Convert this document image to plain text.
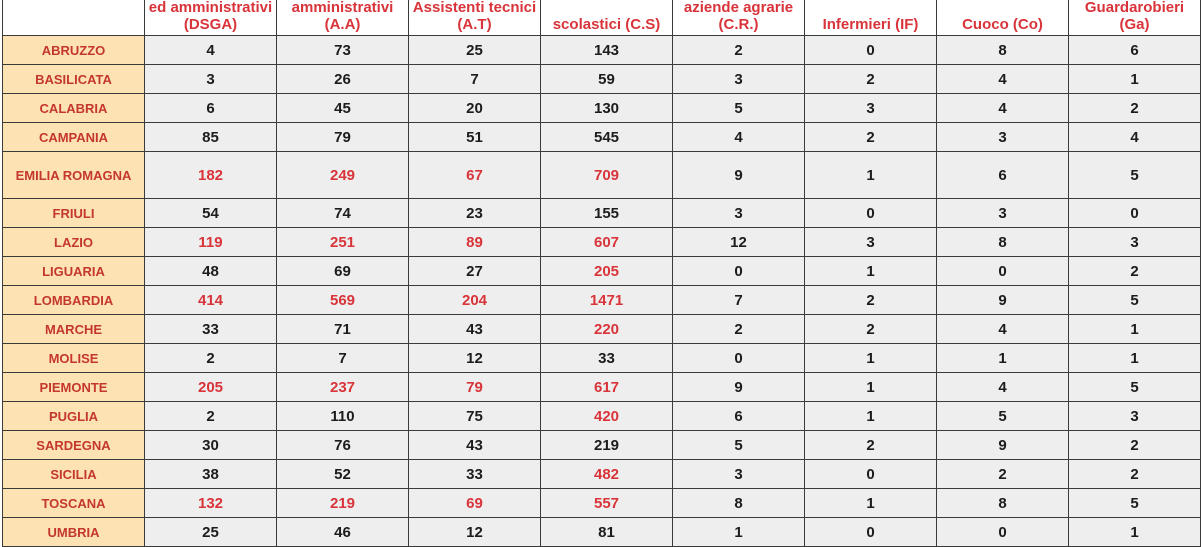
	ed amministrativi (DSGA)	amministrativi (A.A)	Assistenti tecnici (A.T)	scolastici (C.S)	aziende agrarie (C.R.)	Infermieri (IF)	Cuoco (Co)	Guardarobieri (Ga)
ABRUZZO	4	73	25	143	2	0	8	6
BASILICATA	3	26	7	59	3	2	4	1
CALABRIA	6	45	20	130	5	3	4	2
CAMPANIA	85	79	51	545	4	2	3	4
EMILIA ROMAGNA	182	249	67	709	9	1	6	5
FRIULI	54	74	23	155	3	0	3	0
LAZIO	119	251	89	607	12	3	8	3
LIGUARIA	48	69	27	205	0	1	0	2
LOMBARDIA	414	569	204	1471	7	2	9	5
MARCHE	33	71	43	220	2	2	4	1
MOLISE	2	7	12	33	0	1	1	1
PIEMONTE	205	237	79	617	9	1	4	5
PUGLIA	2	110	75	420	6	1	5	3
SARDEGNA	30	76	43	219	5	2	9	2
SICILIA	38	52	33	482	3	0	2	2
TOSCANA	132	219	69	557	8	1	8	5
UMBRIA	25	46	12	81	1	0	0	1
